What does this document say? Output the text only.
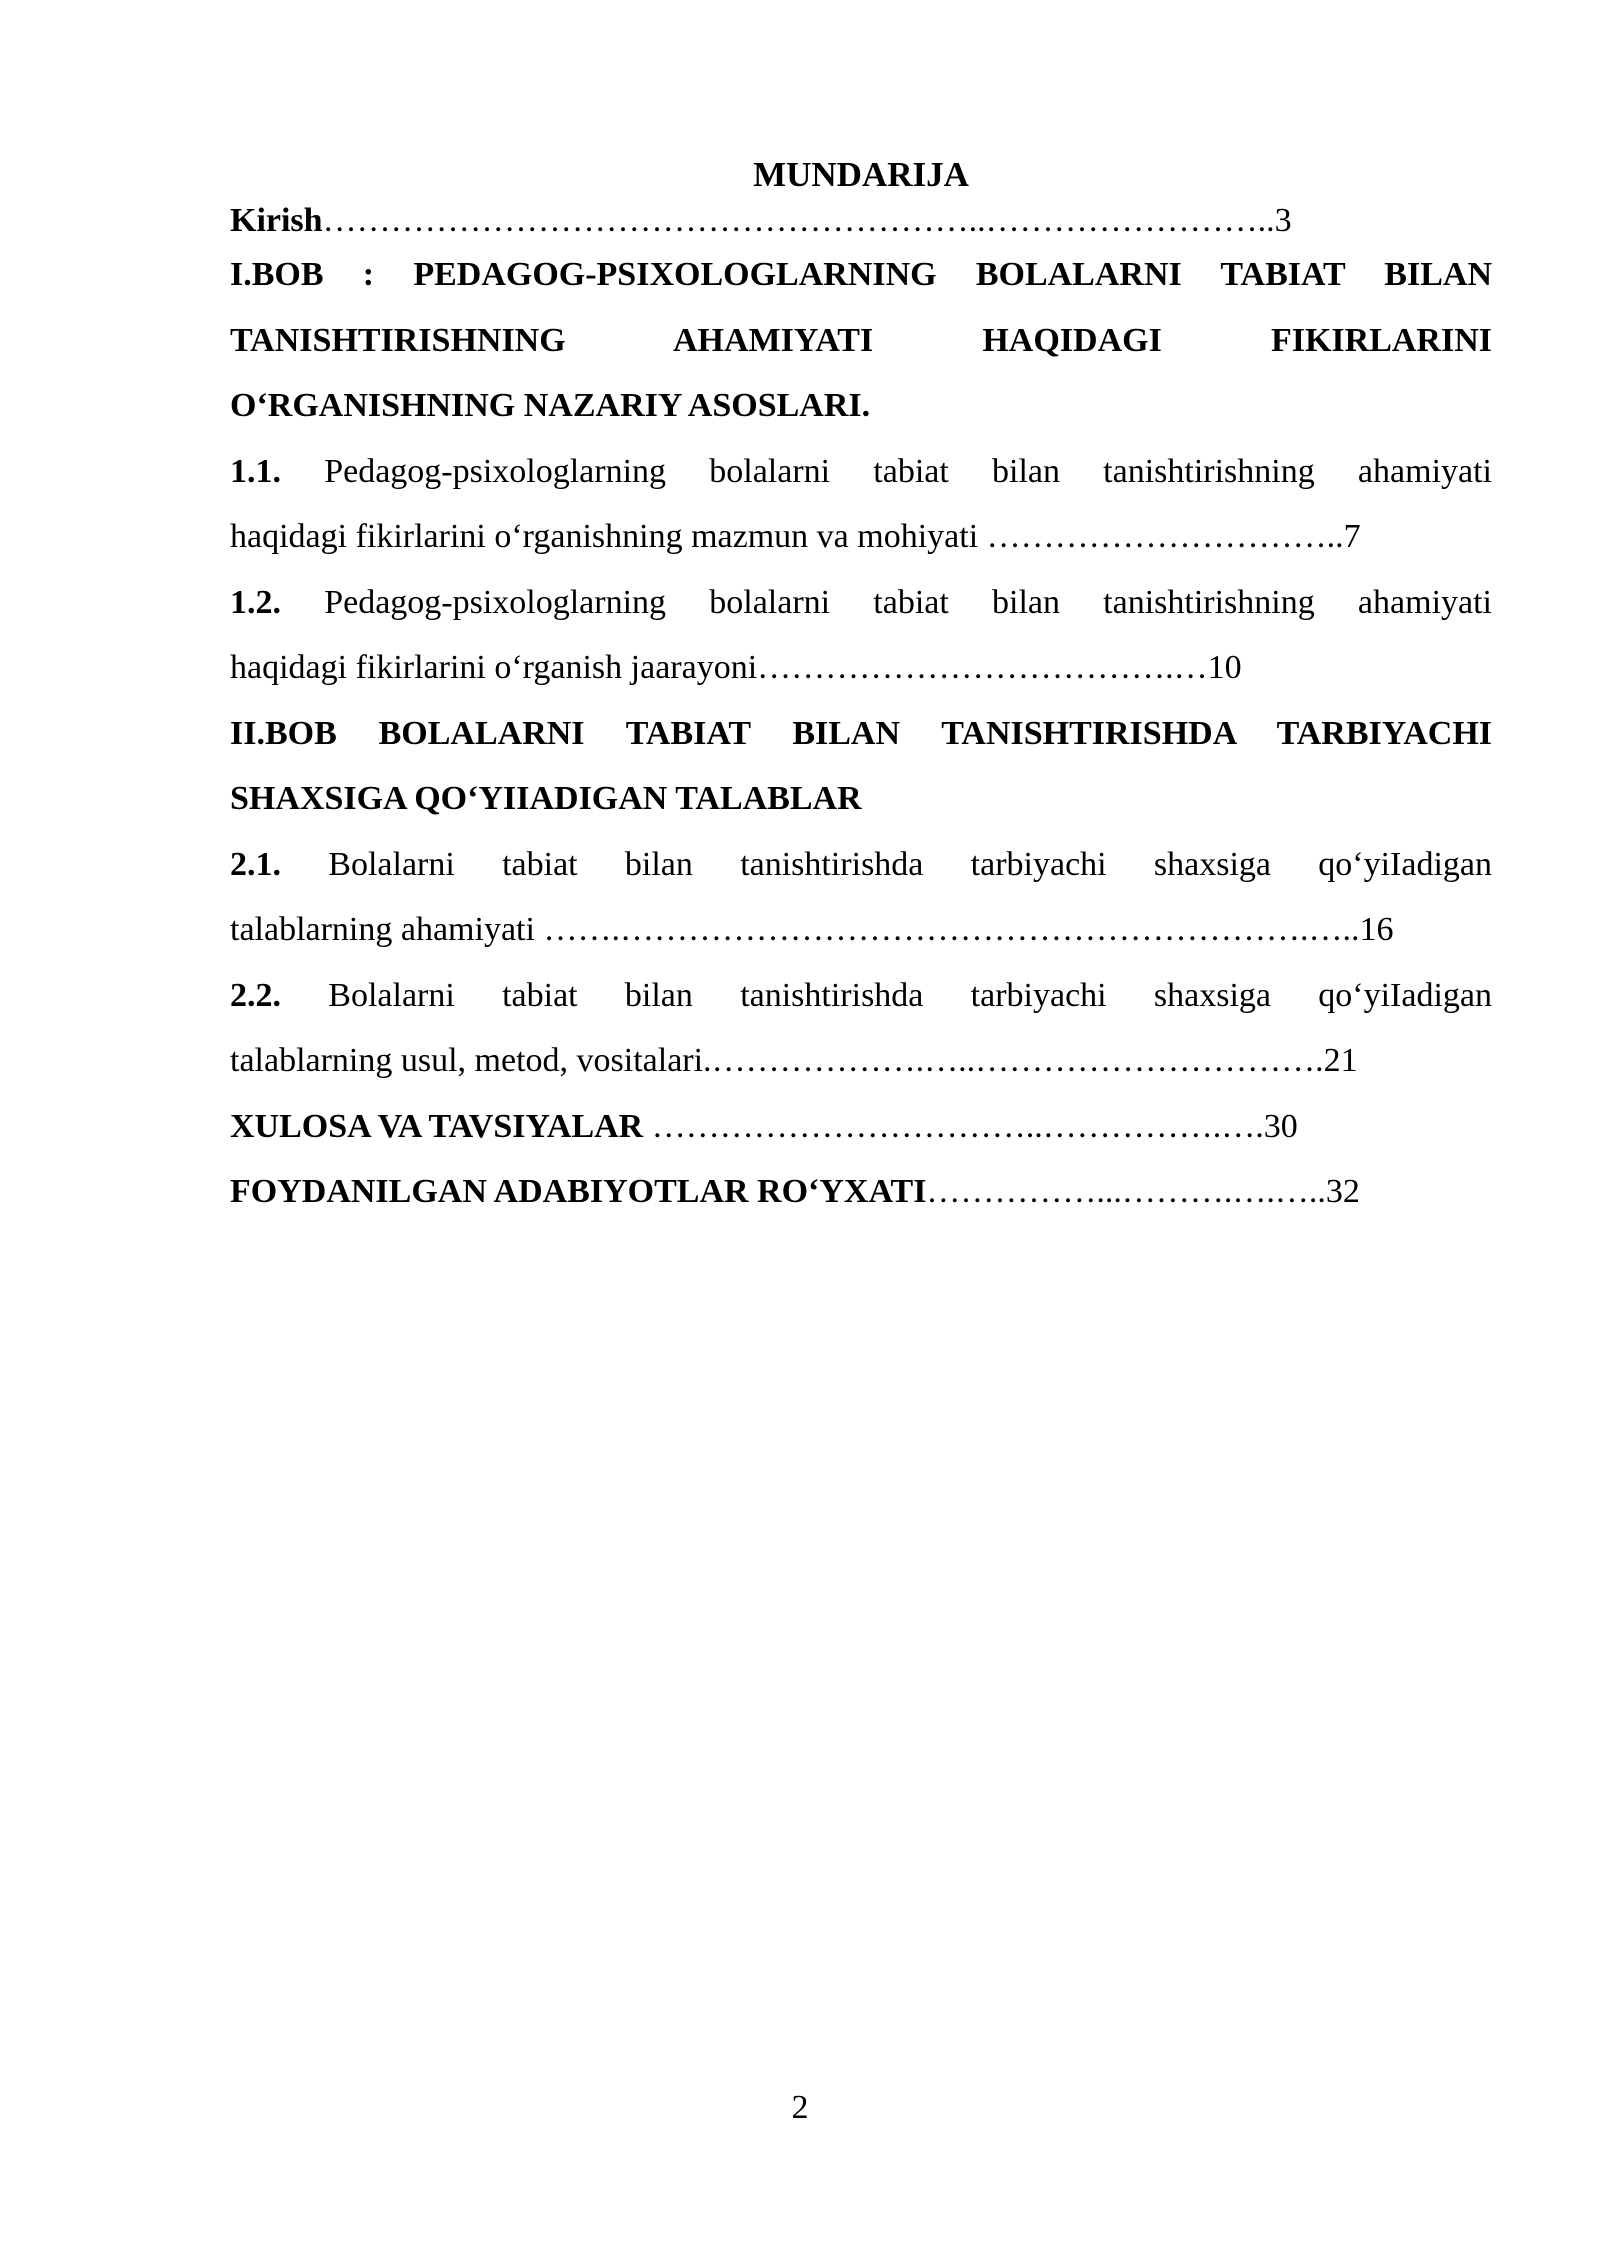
MUNDARIJA
Kirish…………………………………………………..……………………..3
I.BOB : PEDAGOG-PSIXOLOGLARNING BOLALARNI TABIAT BILAN
TANISHTIRISHNING AHAMIYATI HAQIDAGI FIKIRLARINI
O‘RGANISHNING NAZARIY ASOSLARI.
1.1. Pedagog-psixologlarning bolalarni tabiat bilan tanishtirishning ahamiyati
haqidagi fikirlarini o‘rganishning mazmun va mohiyati …………………………..7
1.2. Pedagog-psixologlarning bolalarni tabiat bilan tanishtirishning ahamiyati
haqidagi fikirlarini o‘rganish jaarayoni……………………………….…10
II.BOB BOLALARNI TABIAT BILAN TANISHTIRISHDA TARBIYACHI
SHAXSIGA QO‘YIIADIGAN TALABLAR
2.1. Bolalarni tabiat bilan tanishtirishda tarbiyachi shaxsiga qo‘yiIadigan
talablarning ahamiyati …….…………………………………………………….…..16
2.2. Bolalarni tabiat bilan tanishtirishda tarbiyachi shaxsiga qo‘yiIadigan
talablarning usul, metod, vositalari.……………….…..………………………….21
XULOSA VA TAVSIYALAR ……………………………..…………….….30
FOYDANILGAN ADABIYOTLAR RO‘YXATI……………...……….….…..32
2
